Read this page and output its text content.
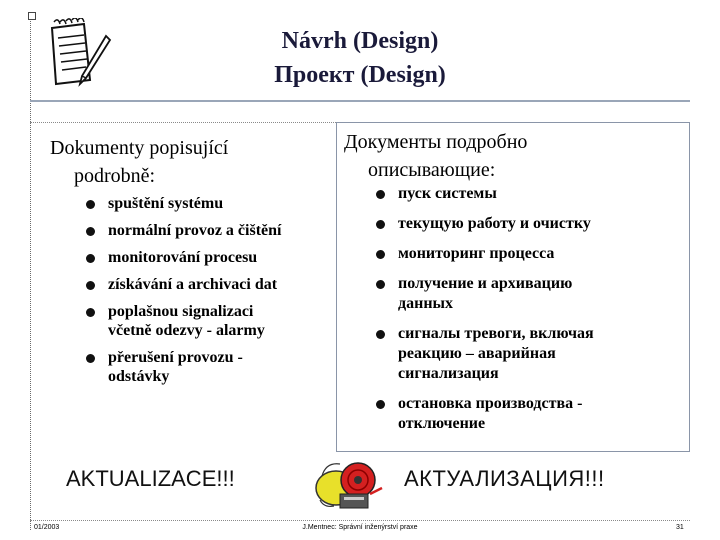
Návrh (Design)
Проект (Design)
Dokumenty popisující
podrobně:
spuštění systému
normální provoz a čištění
monitorování procesu
získávání a archivaci dat
poplašnou signalizaci
včetně odezvy - alarmy
přerušení provozu -
odstávky
Документы подробно
описывающие:
пуск системы
текущую работу и очистку
мониторинг процесса
получение и архивацию
данных
сигналы тревоги, включая
реакцию – аварийная
сигнализация
остановка производства -
отключение
AKTUALIZACE!!!	АКТУАЛИЗАЦИЯ!!!
01/2003	J.Mentnec: Správní inženýrství praxe	31
